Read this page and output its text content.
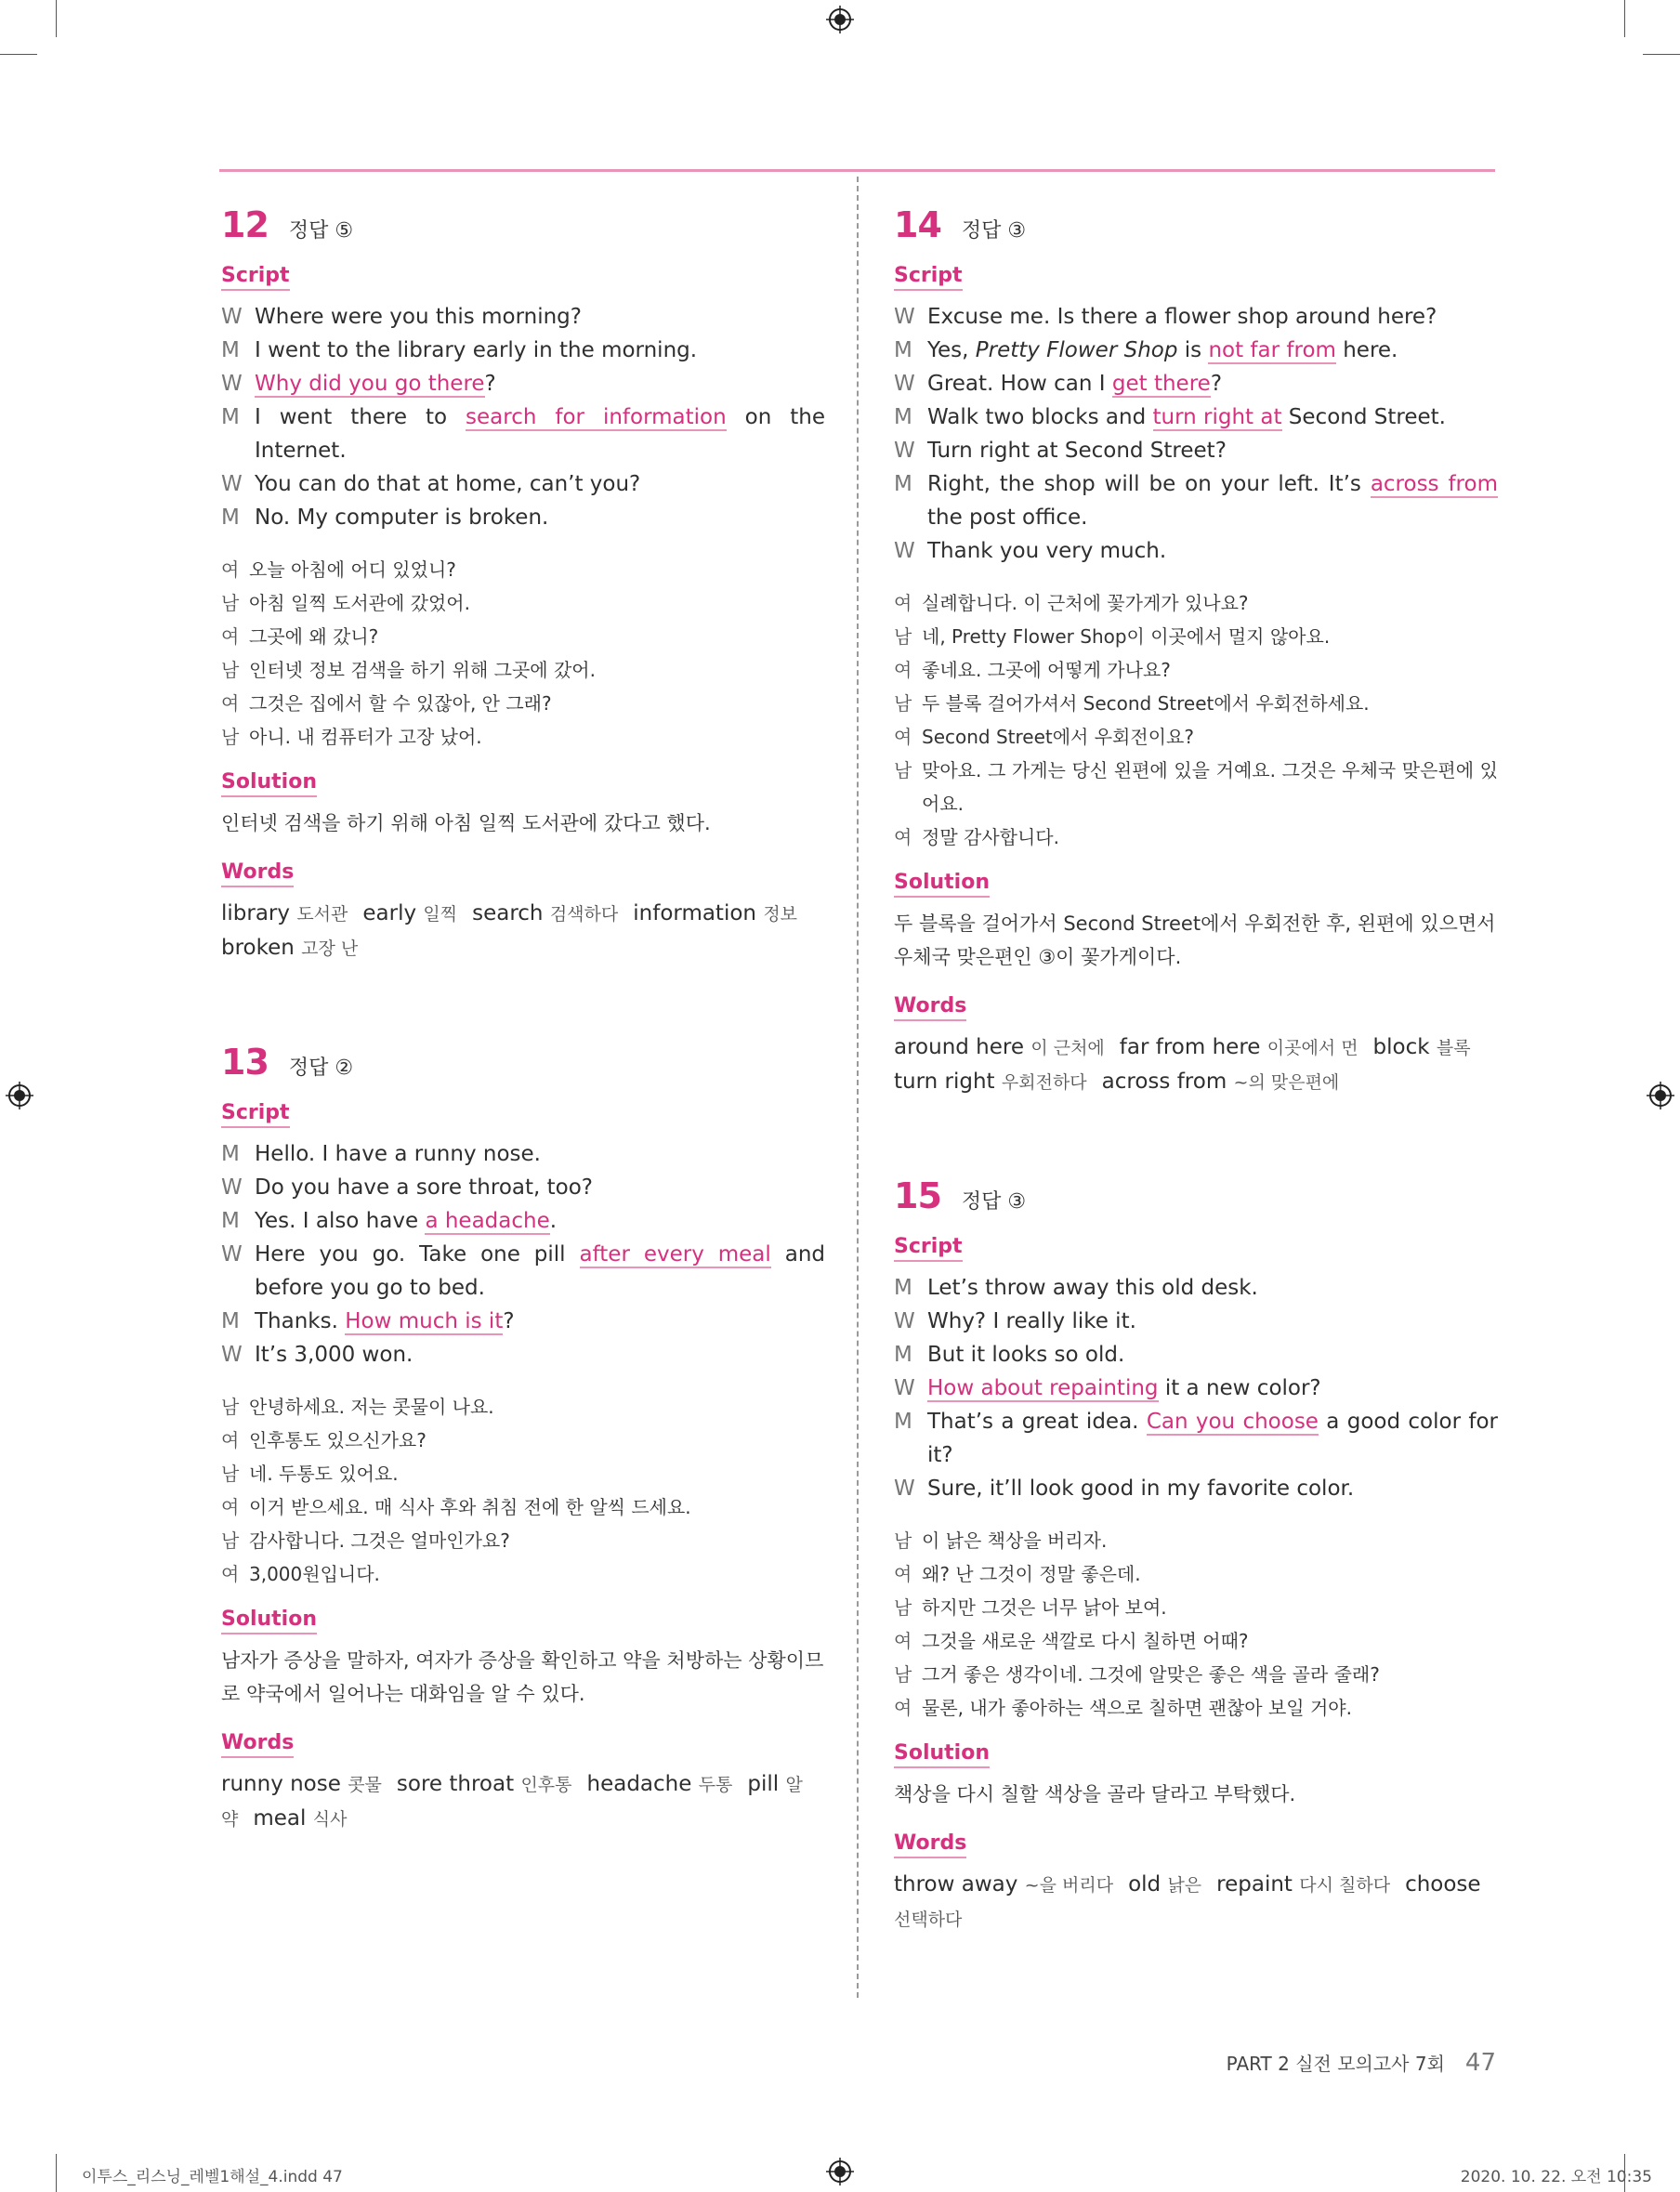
12 정답 ⑤
Script
W Where were you this morning?
M I went to the library early in the morning.
W Why did you go there?
M I went there to search for information on the Internet.
W You can do that at home, can’t you?
M No. My computer is broken.
여 오늘 아침에 어디 있었니?
남 아침 일찍 도서관에 갔었어.
여 그곳에 왜 갔니?
남 인터넷 정보 검색을 하기 위해 그곳에 갔어.
여 그것은 집에서 할 수 있잖아, 안 그래?
남 아니. 내 컴퓨터가 고장 났어.
Solution
인터넷 검색을 하기 위해 아침 일찍 도서관에 갔다고 했다.
Words
library 도서관 early 일찍 search 검색하다 information 정보broken 고장 난
13 정답 ②
Script
M Hello. I have a runny nose.
W Do you have a sore throat, too?
M Yes. I also have a headache.
W Here you go. Take one pill after every meal and before you go to bed.
M Thanks. How much is it?
W It’s 3,000 won.
남 안녕하세요. 저는 콧물이 나요.
여 인후통도 있으신가요?
남 네. 두통도 있어요.
여 이거 받으세요. 매 식사 후와 취침 전에 한 알씩 드세요.
남 감사합니다. 그것은 얼마인가요?
여 3,000원입니다.
Solution
남자가 증상을 말하자, 여자가 증상을 확인하고 약을 처방하는 상황이므로 약국에서 일어나는 대화임을 알 수 있다.
Words
runny nose 콧물 sore throat 인후통 headache 두통 pill 알약 meal 식사
14 정답 ③
Script
W Excuse me. Is there a flower shop around here?
M Yes, Pretty Flower Shop is not far from here.
W Great. How can I get there?
M Walk two blocks and turn right at Second Street.
W Turn right at Second Street?
M Right, the shop will be on your left. It’s across from the post office.
W Thank you very much.
여 실례합니다. 이 근처에 꽃가게가 있나요?
남 네, Pretty Flower Shop이 이곳에서 멀지 않아요.
여 좋네요. 그곳에 어떻게 가나요?
남 두 블록 걸어가셔서 Second Street에서 우회전하세요.
여 Second Street에서 우회전이요?
남 맞아요. 그 가게는 당신 왼편에 있을 거예요. 그것은 우체국 맞은편에 있어요.
여 정말 감사합니다.
Solution
두 블록을 걸어가서 Second Street에서 우회전한 후, 왼편에 있으면서 우체국 맞은편인 ③이 꽃가게이다.
Words
around here 이 근처에 far from here 이곳에서 먼 block 블록turn right 우회전하다 across from ~의 맞은편에
15 정답 ③
Script
M Let’s throw away this old desk.
W Why? I really like it.
M But it looks so old.
W How about repainting it a new color?
M That’s a great idea. Can you choose a good color for it?
W Sure, it’ll look good in my favorite color.
남 이 낡은 책상을 버리자.
여 왜? 난 그것이 정말 좋은데.
남 하지만 그것은 너무 낡아 보여.
여 그것을 새로운 색깔로 다시 칠하면 어때?
남 그거 좋은 생각이네. 그것에 알맞은 좋은 색을 골라 줄래?
여 물론, 내가 좋아하는 색으로 칠하면 괜찮아 보일 거야.
Solution
책상을 다시 칠할 색상을 골라 달라고 부탁했다.
Words
throw away ~을 버리다 old 낡은 repaint 다시 칠하다 choose 선택하다
PART 2 실전 모의고사 7회 47
이투스_리스닝_레벨1해설_4.indd 47	2020. 10. 22. 오전 10:35
